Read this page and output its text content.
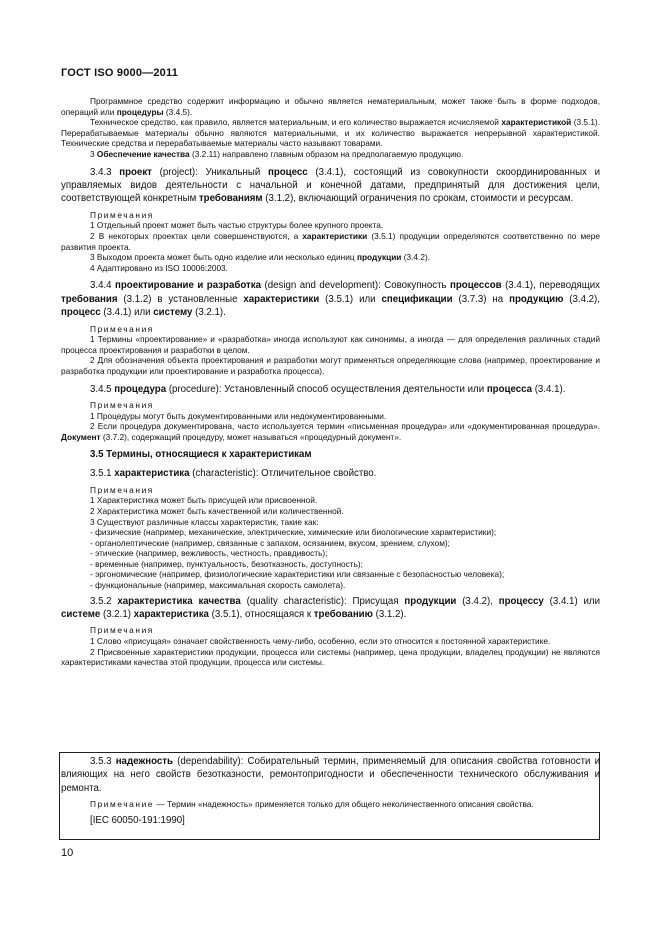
ГОСТ ISO 9000—2011

Программное средство содержит информацию и обычно является нематериальным, может также быть в форме подходов, операций или процедуры (3.4.5).

Техническое средство, как правило, является материальным, и его количество выражается исчисляемой характеристикой (3.5.1). Перерабатываемые материалы обычно являются материальными, и их количество выражается непрерывной характеристикой. Технические средства и перерабатываемые материалы часто называют товарами.

3 Обеспечение качества (3.2.11) направлено главным образом на предполагаемую продукцию.

3.4.3 проект (project): Уникальный процесс (3.4.1), состоящий из совокупности скоординированных и управляемых видов деятельности с начальной и конечной датами, предпринятый для достижения цели, соответствующей конкретным требованиям (3.1.2), включающий ограничения по срокам, стоимости и ресурсам.

Примечания

1 Отдельный проект может быть частью структуры более крупного проекта.

2 В некоторых проектах цели совершенствуются, а характеристики (3.5.1) продукции определяются соответственно по мере развития проекта.

3 Выходом проекта может быть одно изделие или несколько единиц продукции (3.4.2).

4 Адаптировано из ISO 10006:2003.

3.4.4 проектирование и разработка (design and development): Совокупность процессов (3.4.1), переводящих требования (3.1.2) в установленные характеристики (3.5.1) или спецификации (3.7.3) на продукцию (3.4.2), процесс (3.4.1) или систему (3.2.1).

Примечания

1 Термины «проектирование» и «разработка» иногда используют как синонимы, а иногда — для определения различных стадий процесса проектирования и разработки в целом.

2 Для обозначения объекта проектирования и разработки могут применяться определяющие слова (например, проектирование и разработка продукции или проектирование и разработка процесса).

3.4.5 процедура (procedure): Установленный способ осуществления деятельности или процесса (3.4.1).

Примечания

1 Процедуры могут быть документированными или недокументированными.

2 Если процедура документирована, часто используется термин «письменная процедура» или «документированная процедура». Документ (3.7.2), содержащий процедуру, может называться «процедурный документ».

3.5 Термины, относящиеся к характеристикам

3.5.1 характеристика (characteristic): Отличительное свойство.

Примечания

1 Характеристика может быть присущей или присвоенной.

2 Характеристика может быть качественной или количественной.

3 Существуют различные классы характеристик, такие как:

- физические (например, механические, электрические, химические или биологические характеристики);

- органолептические (например, связанные с запахом, осязанием, вкусом, зрением, слухом);

- этические (например, вежливость, честность, правдивость);

- временные (например, пунктуальность, безотказность, доступность);

- эргономические (например, физиологические характеристики или связанные с безопасностью человека);

- функциональные (например, максимальная скорость самолета).

3.5.2 характеристика качества (quality characteristic): Присущая продукции (3.4.2), процессу (3.4.1) или системе (3.2.1) характеристика (3.5.1), относящаяся к требованию (3.1.2).

Примечания

1 Слово «присущая» означает свойственность чему-либо, особенно, если это относится к постоянной характеристике.

2 Присвоенные характеристики продукции, процесса или системы (например, цена продукции, владелец продукции) не являются характеристиками качества этой продукции, процесса или системы.

3.5.3 надежность (dependability): Собирательный термин, применяемый для описания свойства готовности и влияющих на него свойств безотказности, ремонтопригодности и обеспеченности технического обслуживания и ремонта.

Примечание — Термин «надежность» применяется только для общего неколичественного описания свойства.

[IEC 60050-191:1990]

10
